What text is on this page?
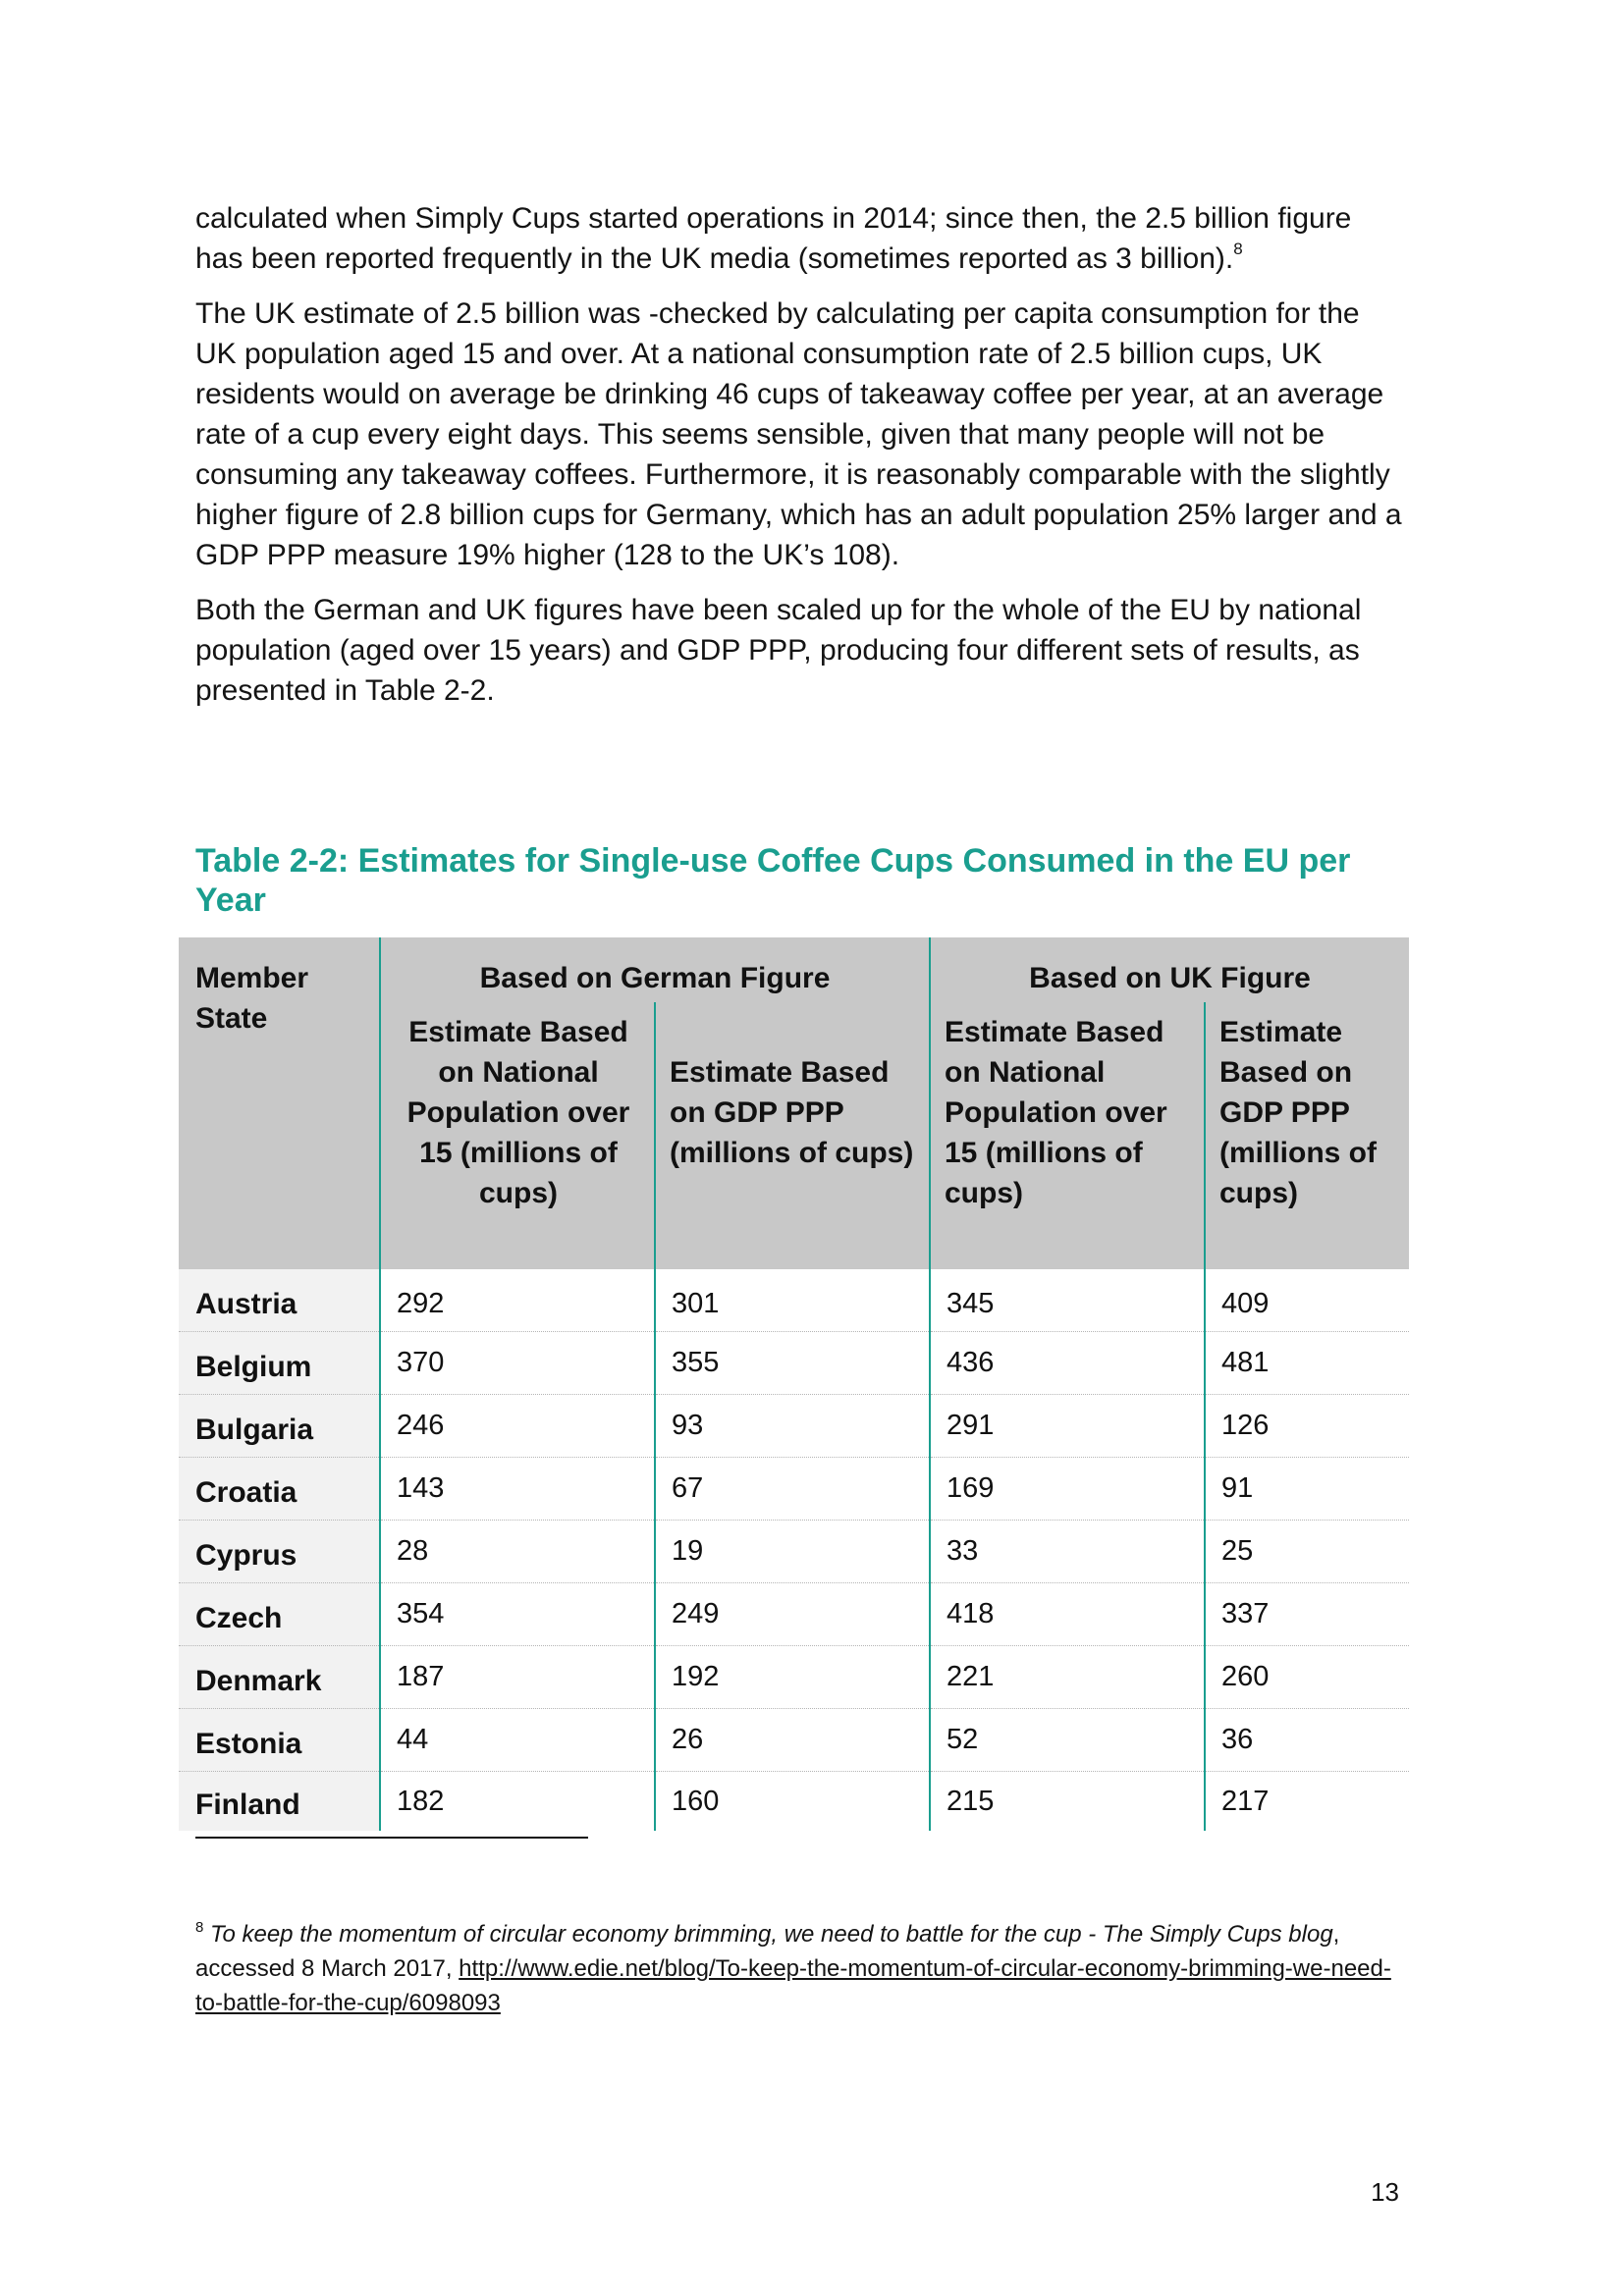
calculated when Simply Cups started operations in 2014; since then, the 2.5 billion figure has been reported frequently in the UK media (sometimes reported as 3 billion).$^8$

The UK estimate of 2.5 billion was -checked by calculating per capita consumption for the UK population aged 15 and over. At a national consumption rate of 2.5 billion cups, UK residents would on average be drinking 46 cups of takeaway coffee per year, at an average rate of a cup every eight days. This seems sensible, given that many people will not be consuming any takeaway coffees. Furthermore, it is reasonably comparable with the slightly higher figure of 2.8 billion cups for Germany, which has an adult population 25% larger and a GDP PPP measure 19% higher (128 to the UK’s 108).

Both the German and UK figures have been scaled up for the whole of the EU by national population (aged over 15 years) and GDP PPP, producing four different sets of results, as presented in Table 2-2.

Table 2-2: Estimates for Single-use Coffee Cups Consumed in the EU per Year
Member State	Based on German Figure		Based on UK Figure	
	Estimate Based on National Population over 15 (millions of cups)	Estimate Based on GDP PPP (millions of cups)	Estimate Based on National Population over 15 (millions of cups)	Estimate Based on GDP PPP (millions of cups)
Austria	292	301	345	409
Belgium	370	355	436	481
Bulgaria	246	93	291	126
Croatia	143	67	169	91
Cyprus	28	19	33	25
Czech	354	249	418	337
Denmark	187	192	221	260
Estonia	44	26	52	36
Finland	182	160	215	217
$^8$ To keep the momentum of circular economy brimming, we need to battle for the cup - The Simply Cups blog, accessed 8 March 2017, http://www.edie.net/blog/To-keep-the-momentum-of-circular-economy-brimming-we-need-to-battle-for-the-cup/6098093
13
